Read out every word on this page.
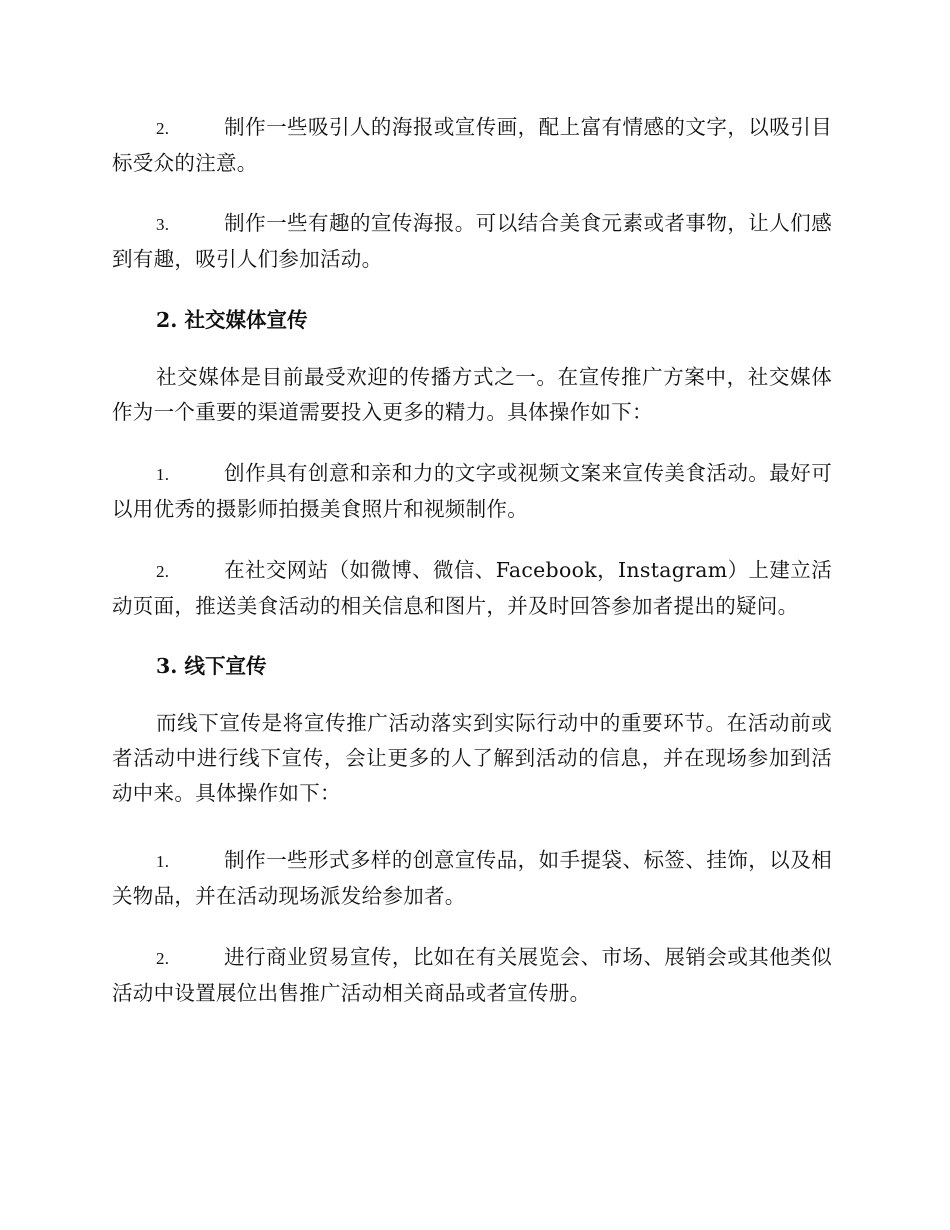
2.	制作一些吸引人的海报或宣传画，配上富有情感的文字，以吸引目标受众的注意。

3.	制作一些有趣的宣传海报。可以结合美食元素或者事物，让人们感到有趣，吸引人们参加活动。

2. 社交媒体宣传

社交媒体是目前最受欢迎的传播方式之一。在宣传推广方案中，社交媒体作为一个重要的渠道需要投入更多的精力。具体操作如下：

1.	创作具有创意和亲和力的文字或视频文案来宣传美食活动。最好可以用优秀的摄影师拍摄美食照片和视频制作。

2.	在社交网站（如微博、微信、Facebook，Instagram）上建立活动页面，推送美食活动的相关信息和图片，并及时回答参加者提出的疑问。

3. 线下宣传

而线下宣传是将宣传推广活动落实到实际行动中的重要环节。在活动前或者活动中进行线下宣传，会让更多的人了解到活动的信息，并在现场参加到活动中来。具体操作如下：

1.	制作一些形式多样的创意宣传品，如手提袋、标签、挂饰，以及相关物品，并在活动现场派发给参加者。

2.	进行商业贸易宣传，比如在有关展览会、市场、展销会或其他类似活动中设置展位出售推广活动相关商品或者宣传册。
